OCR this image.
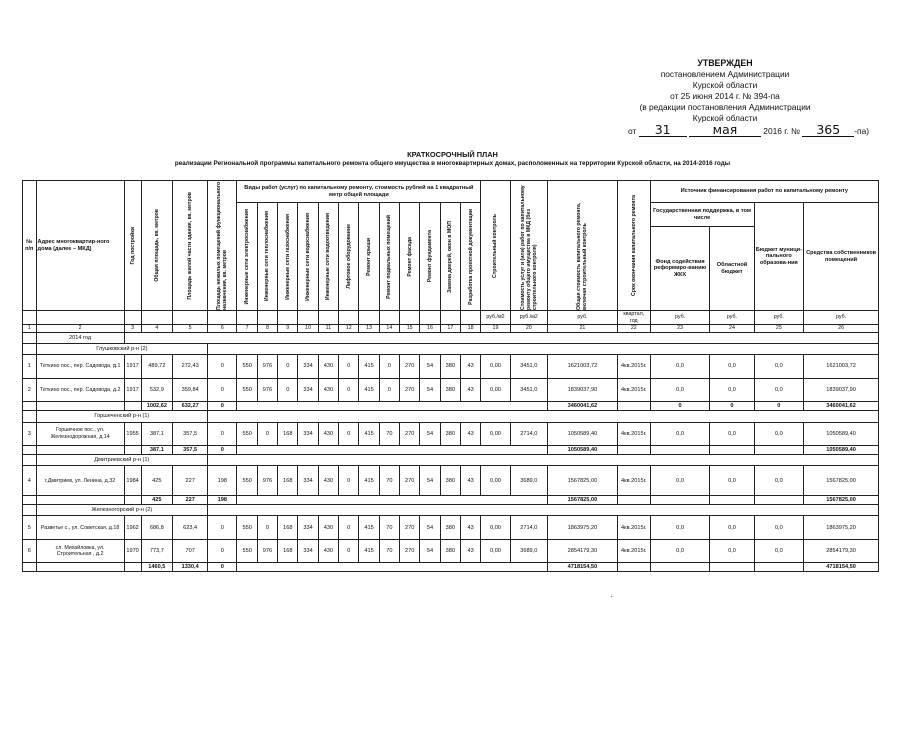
УТВЕРЖДЕН
постановлением Администрации
Курской области
от 25 июня 2014 г. № 394-па
(в редакции постановления Администрации
Курской области
от 31	мая	2016 г. № 365 -па)
КРАТКОСРОЧНЫЙ ПЛАН
реализации Региональной программы капитального ремонта общего имущества в многоквартирных домах, расположенных на территории Курской области, на 2014-2016 годы
№ п/п	Адрес многоквартир-ного дома (далее – МКД)	Год постройки	Общая площадь, кв. метров	Площадь жилой части здания, кв. метров	Площадь нежилых помещений функционального назначения, кв. метров	Виды работ (услуг) по капитальному ремонту, стоимость рублей на 1 квадратный метр общей площади												Строительный контроль	Стоимость услуг и (или) работ по капитальному ремонту общего имущества в МКД (без строительного контроля)	Общая стоимость капитального ремонта, включая строительный контроль	Срок окончания капитального ремонта	Источник финансирования работ по капитальному ремонту			

						Инженерные сети электроснабжения	Инженерные сети теплоснабжения	Инженерные сети газоснабжения	Инженерные сети водоснабжения	Инженерные сети водоотведения	Лифтовое оборудование	Ремонт крыши	Ремонт подвальных помещений	Ремонт фасада	Ремонт фундамента	Замена дверей, окон в МОП	Разработка проектной документации					Государственная поддержка, в том числе		Бюджет муници-пального образова-ния	Средства собственников помещений
																						Фонд содействия реформиро-ванию ЖКХ	Областной бюджет		
																		руб./м2	руб./м2	руб.	квартал, год	руб.	руб.	руб.	руб.
1	2	3	4	5	6	7	8	9	10	11	12	13	14	15	16	17	18	19	20	21	22	23	24	25	26
	2014 год																								
	Глушковский р-н (2)																								
1	Тёткино пос., пер. Садовода, д.1	1917	489,72	272,43	0	550	976	0	334	430	0	415	0	270	54	380	43	0,00	3451,0	1621003,72	4кв.2015г.	0,0	0,0	0,0	1621003,72
2	Тёткино пос., пер. Садовода, д.2	1917	532,9	359,84	0	550	976	0	334	430	0	415	0	270	54	380	43	0,00	3451,0	1839037,90	4кв.2015г.	0,0	0,0	0,0	1839037,90
			1002,62	632,27	0															3460041,62		0	0	0	3460041,62
	Горшеченский р-н (1)																								
3	Горшечное пос., ул. Железнодорожная, д.14	1955	387,1	357,5	0	550	0	168	334	430	0	415	70	270	54	380	43	0,00	2714,0	1050589,40	4кв.2015г.	0,0	0,0	0,0	1050589,40
			387,1	357,5	0															1050589,40					1050589,40
	Дмитриевский р-н (1)																								
4	г.Дмитриев, ул. Ленина, д.32	1984	425	227	198	550	976	168	334	430	0	415	70	270	54	380	43	0,00	3689,0	1567825,00	4кв.2015г.	0,0	0,0	0,0	1567825,00
			425	227	198															1567825,00					1567825,00
	Железногорский р-н (2)																								
5	Разветье с., ул. Советская, д.18	1962	686,8	623,4	0	550	0	168	334	430	0	415	70	270	54	380	43	0,00	2714,0	1863975,20	4кв.2015г.	0,0	0,0	0,0	1863975,20
6	сл. Михайловка, ул. Строительная , д.2	1970	773,7	707	0	550	976	168	334	430	0	415	70	270	54	380	43	0,00	3689,0	2854179,30	4кв.2015г.	0,0	0,0	0,0	2854179,30
			1460,5	1330,4	0															4718154,50					4718154,50
·
·
